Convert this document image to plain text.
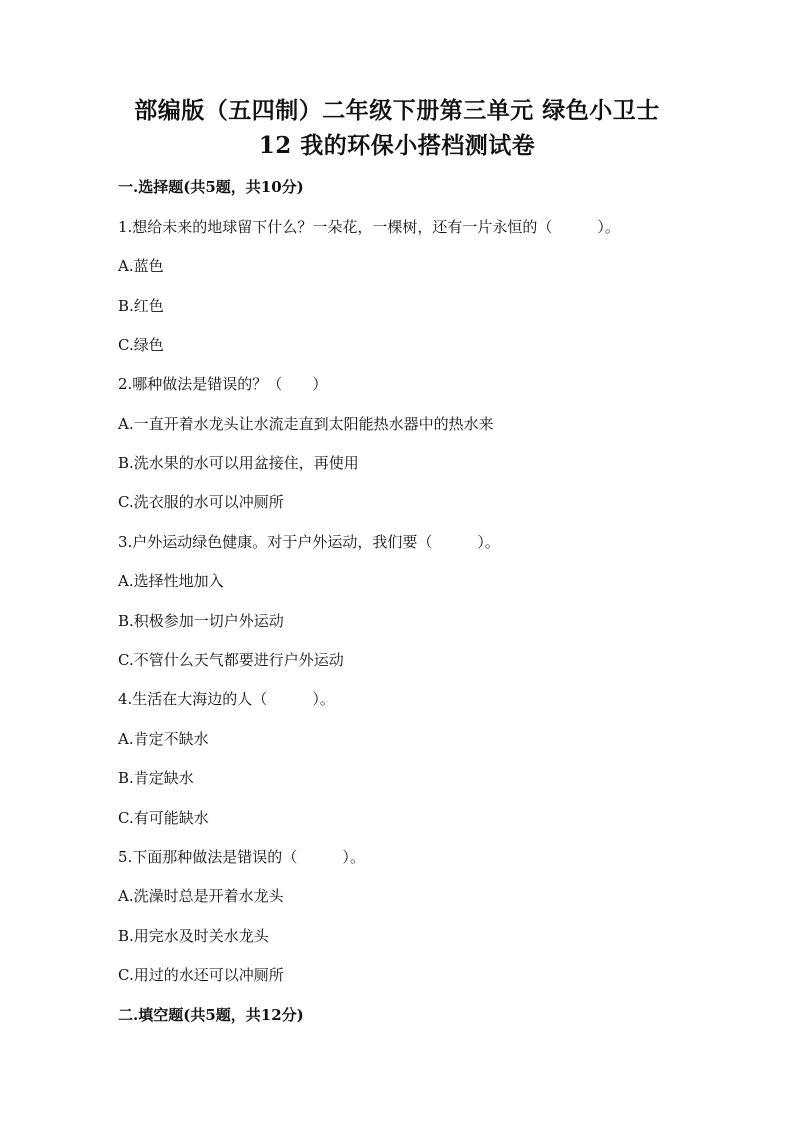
部编版（五四制）二年级下册第三单元 绿色小卫士
12 我的环保小搭档测试卷
一.选择题(共5题，共10分)
1.想给未来的地球留下什么？一朵花，一棵树，还有一片永恒的（　　　）。
A.蓝色
B.红色
C.绿色
2.哪种做法是错误的？（　　）
A.一直开着水龙头让水流走直到太阳能热水器中的热水来
B.洗水果的水可以用盆接住，再使用
C.洗衣服的水可以冲厕所
3.户外运动绿色健康。对于户外运动，我们要（　　　）。
A.选择性地加入
B.积极参加一切户外运动
C.不管什么天气都要进行户外运动
4.生活在大海边的人（　　　）。
A.肯定不缺水
B.肯定缺水
C.有可能缺水
5.下面那种做法是错误的（　　　）。
A.洗澡时总是开着水龙头
B.用完水及时关水龙头
C.用过的水还可以冲厕所
二.填空题(共5题，共12分)
